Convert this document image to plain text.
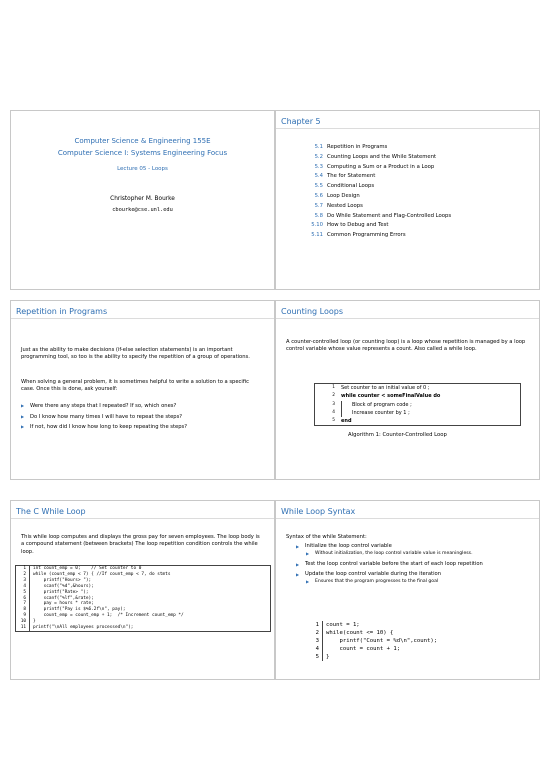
Computer Science & Engineering 155E
Computer Science I: Systems Engineering Focus
Lecture 05 - Loops
Christopher M. Bourke
cbourke@cse.unl.edu
Chapter 5
5.1 Repetition in Programs
5.2 Counting Loops and the While Statement
5.3 Computing a Sum or a Product in a Loop
5.4 The for Statement
5.5 Conditional Loops
5.6 Loop Design
5.7 Nested Loops
5.8 Do While Statement and Flag-Controlled Loops
5.10 How to Debug and Test
5.11 Common Programming Errors
Repetition in Programs
Just as the ability to make decisions (if-else selection statements) is an important programming tool, so too is the ability to specify the repetition of a group of operations.
When solving a general problem, it is sometimes helpful to write a solution to a specific case. Once this is done, ask yourself:
▶ Were there any steps that I repeated? If so, which ones?
▶ Do I know how many times I will have to repeat the steps?
▶ If not, how did I know how long to keep repeating the steps?
Counting Loops
A counter-controlled loop (or counting loop) is a loop whose repetition is managed by a loop control variable whose value represents a count. Also called a while loop.
1	Set counter to an initial value of 0 ;
2	while counter < someFinalValue do
3	Block of program code ;
4	Increase counter by 1 ;
5	end
Algorithm 1: Counter-Controlled Loop
The C While Loop
This while loop computes and displays the gross pay for seven employees. The loop body is a compound statement (between brackets) The loop repetition condition controls the while loop.
1	int count_emp = 0;    // Set counter to 0
2	while (count_emp < 7) { //If count_emp < 7, do stmts
3	printf("Hours> ");
4	scanf("%d",&hours);
5	printf("Rate> ");
6	scanf("%lf",&rate);
7	pay = hours * rate;
8	printf("Pay is $%6.2f\n", pay);
9	count_emp = count_emp + 1;  /* Increment count_emp */
10	}
11	printf("\nAll employees processed\n");
While Loop Syntax
Syntax of the while Statement:
▶ Initialize the loop control variable
▶ Without initialization, the loop control variable value is meaningless.
▶ Test the loop control variable before the start of each loop repetition
▶ Update the loop control variable during the iteration
▶ Ensures that the program progresses to the final goal
1	count = 1;
2	while(count <= 10) {
3	printf("Count = %d\n",count);
4	count = count + 1;
5	}
